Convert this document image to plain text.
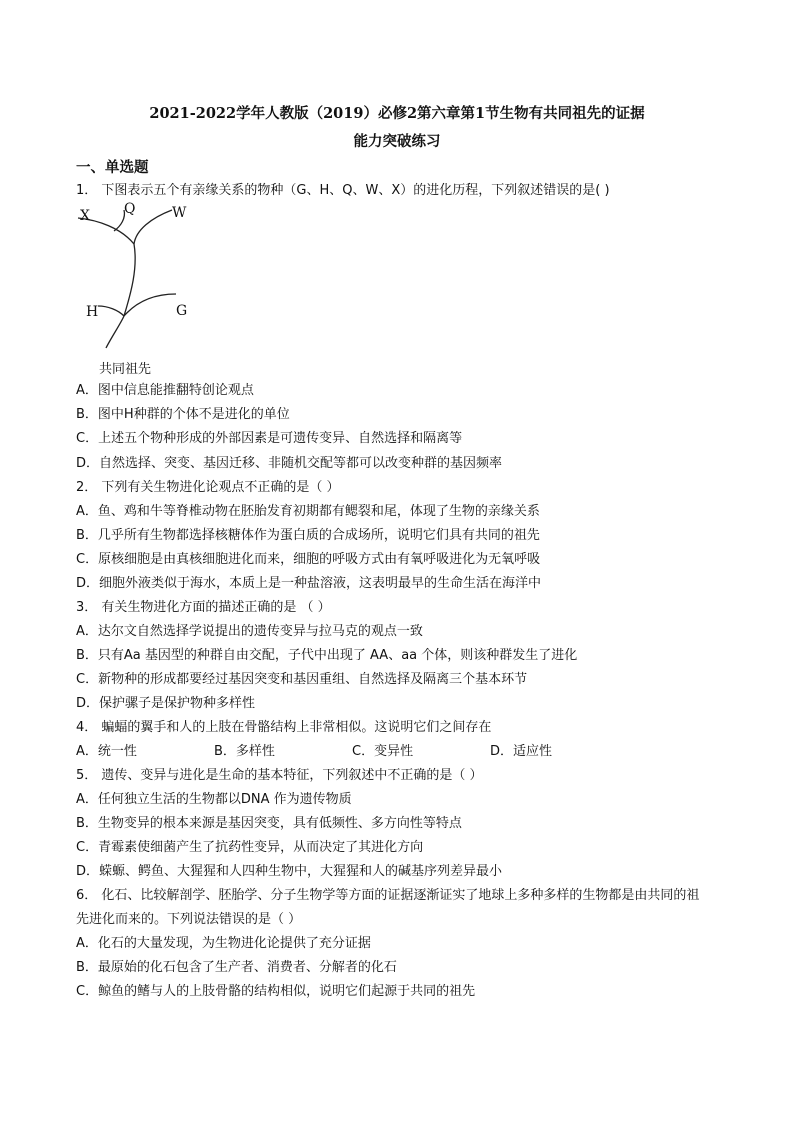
2021-2022学年人教版（2019）必修2第六章第1节生物有共同祖先的证据
能力突破练习
一、单选题
1． 下图表示五个有亲缘关系的物种（G、H、Q、W、X）的进化历程，下列叙述错误的是( )
X Q	W
H	G
共同祖先
A．图中信息能推翻特创论观点
B．图中H种群的个体不是进化的单位
C．上述五个物种形成的外部因素是可遗传变异、自然选择和隔离等
D．自然选择、突变、基因迁移、非随机交配等都可以改变种群的基因频率
2． 下列有关生物进化论观点不正确的是（ ）
A．鱼、鸡和牛等脊椎动物在胚胎发育初期都有鳃裂和尾，体现了生物的亲缘关系
B．几乎所有生物都选择核糖体作为蛋白质的合成场所，说明它们具有共同的祖先
C．原核细胞是由真核细胞进化而来，细胞的呼吸方式由有氧呼吸进化为无氧呼吸
D．细胞外液类似于海水，本质上是一种盐溶液，这表明最早的生命生活在海洋中
3． 有关生物进化方面的描述正确的是 （ ）
A．达尔文自然选择学说提出的遗传变异与拉马克的观点一致
B．只有Aa 基因型的种群自由交配，子代中出现了 AA、aa 个体，则该种群发生了进化
C．新物种的形成都要经过基因突变和基因重组、自然选择及隔离三个基本环节
D．保护骡子是保护物种多样性
4． 蝙蝠的翼手和人的上肢在骨骼结构上非常相似。这说明它们之间存在
A．统一性	B．多样性	C．变异性	D．适应性
5． 遗传、变异与进化是生命的基本特征，下列叙述中不正确的是（ ）
A．任何独立生活的生物都以DNA 作为遗传物质
B．生物变异的根本来源是基因突变，具有低频性、多方向性等特点
C．青霉素使细菌产生了抗药性变异，从而决定了其进化方向
D．蝾螈、鳄鱼、大猩猩和人四种生物中，大猩猩和人的碱基序列差异最小
6． 化石、比较解剖学、胚胎学、分子生物学等方面的证据逐渐证实了地球上多种多样的生物都是由共同的祖
先进化而来的。下列说法错误的是（ ）
A．化石的大量发现，为生物进化论提供了充分证据
B．最原始的化石包含了生产者、消费者、分解者的化石
C．鲸鱼的鳍与人的上肢骨骼的结构相似，说明它们起源于共同的祖先
